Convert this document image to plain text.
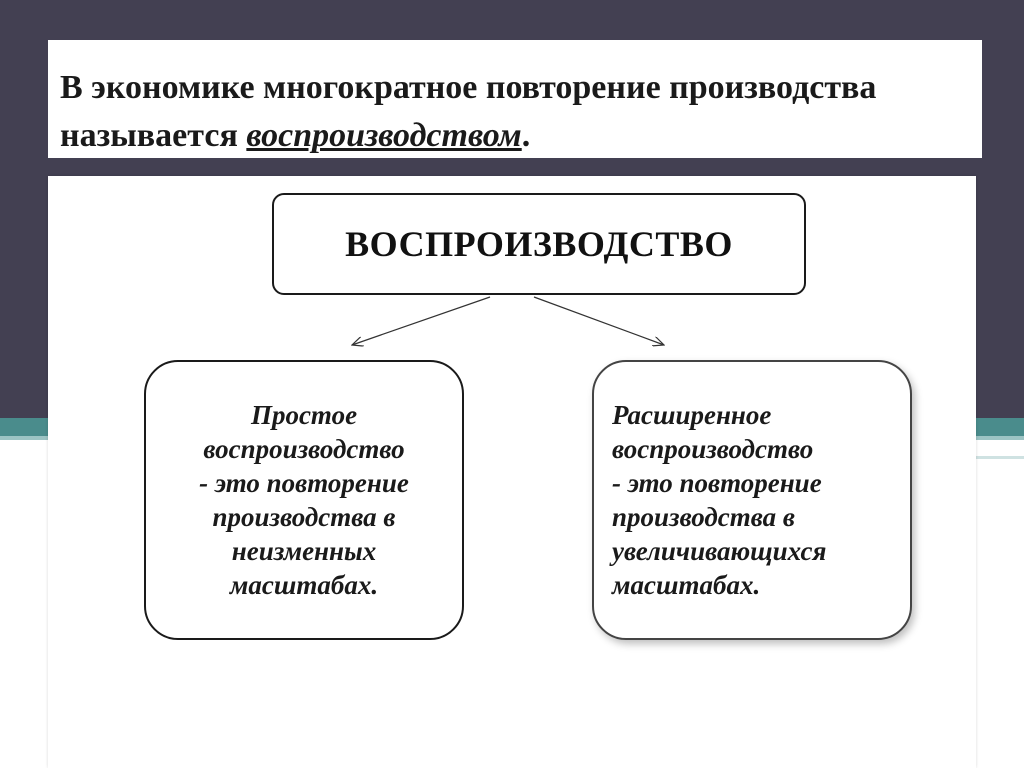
В экономике многократное повторение производства называется воспроизводством.
ВОСПРОИЗВОДСТВО
Простое воспроизводство
- это повторение производства в неизменных масштабах.
Расширенное воспроизводство
- это повторение производства в увеличивающихся масштабах.
